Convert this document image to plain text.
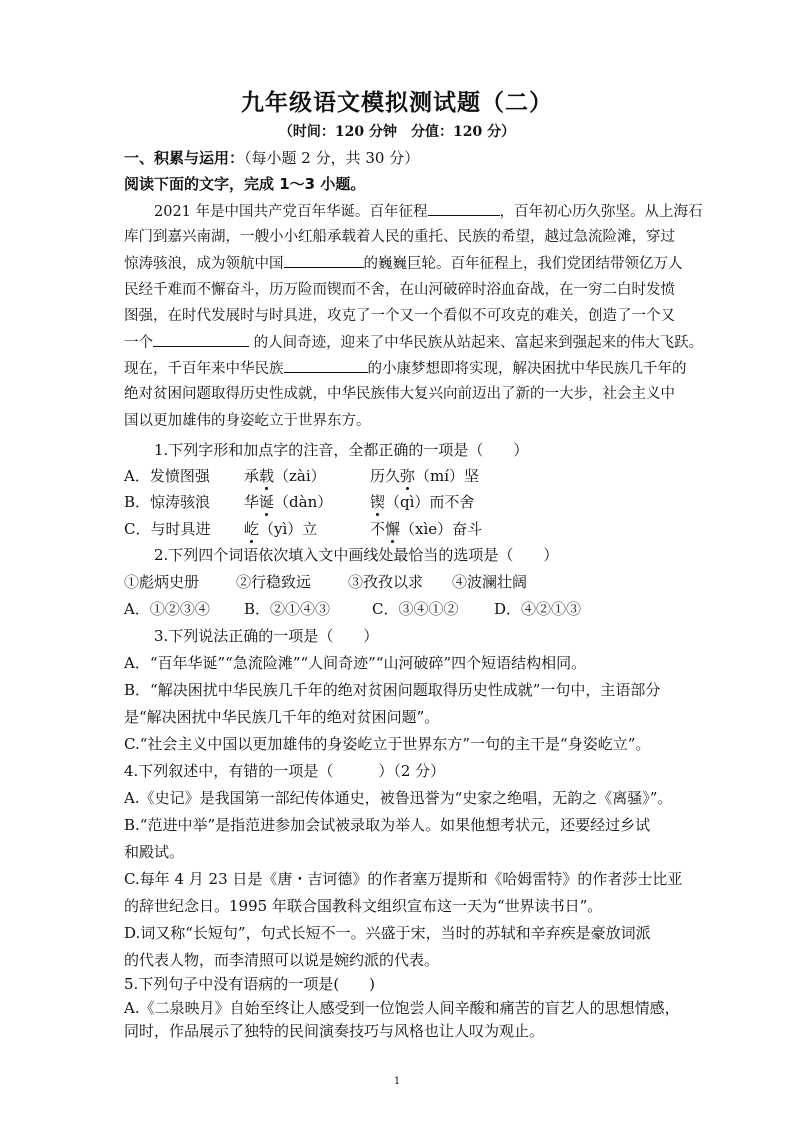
九年级语文模拟测试题（二）
（时间：120 分钟　分值：120 分）
一、积累与运用：（每小题 2 分，共 30 分）
阅读下面的文字，完成 1～3 小题。
2021 年是中国共产党百年华诞。百年征程	，百年初心历久弥坚。从上海石
库门到嘉兴南湖，一艘小小红船承载着人民的重托、民族的希望，越过急流险滩，穿过
惊涛骇浪，成为领航中国	的巍巍巨轮。百年征程上，我们党团结带领亿万人
民经千难而不懈奋斗，历万险而锲而不舍，在山河破碎时浴血奋战，在一穷二白时发愤
图强，在时代发展时与时具进，攻克了一个又一个看似不可攻克的难关，创造了一个又
一个	的人间奇迹，迎来了中华民族从站起来、富起来到强起来的伟大飞跃。
现在，千百年来中华民族	的小康梦想即将实现，解决困扰中华民族几千年的
绝对贫困问题取得历史性成就，中华民族伟大复兴向前迈出了新的一大步，社会主义中
国以更加雄伟的身姿屹立于世界东方。
1.下列字形和加点字的注音，全都正确的一项是（　　）
A．发愤图强 承载（zài）	历久弥（mí）坚
B．惊涛骇浪 华诞（dàn）	锲（qì）而不舍
C．与时具进 屹（yì）立	不懈（xìe）奋斗
2.下列四个词语依次填入文中画线处最恰当的选项是（　　）
①彪炳史册 ②行稳致远 ③孜孜以求 ④波澜壮阔
A．①②③④ B．②①④③	C．③④①② D．④②①③
3.下列说法正确的一项是（　　）
A．“百年华诞”“急流险滩”“人间奇迹”“山河破碎”四个短语结构相同。
B．“解决困扰中华民族几千年的绝对贫困问题取得历史性成就”一句中，主语部分
是“解决困扰中华民族几千年的绝对贫困问题”。
C.“社会主义中国以更加雄伟的身姿屹立于世界东方”一句的主干是“身姿屹立”。
4.下列叙述中，有错的一项是（　　　）（2 分）
A.《史记》是我国第一部纪传体通史，被鲁迅誉为“史家之绝唱，无韵之《离骚》”。
B.“范进中举”是指范进参加会试被录取为举人。如果他想考状元，还要经过乡试
和殿试。
C.每年 4 月 23 日是《唐・吉诃德》的作者塞万提斯和《哈姆雷特》的作者莎士比亚
的辞世纪念日。1995 年联合国教科文组织宣布这一天为“世界读书日”。
D.词又称“长短句”，句式长短不一。兴盛于宋，当时的苏轼和辛弃疾是豪放词派
的代表人物，而李清照可以说是婉约派的代表。
5.下列句子中没有语病的一项是(　　)
A.《二泉映月》自始至终让人感受到一位饱尝人间辛酸和痛苦的盲艺人的思想情感，
同时，作品展示了独特的民间演奏技巧与风格也让人叹为观止。
1
